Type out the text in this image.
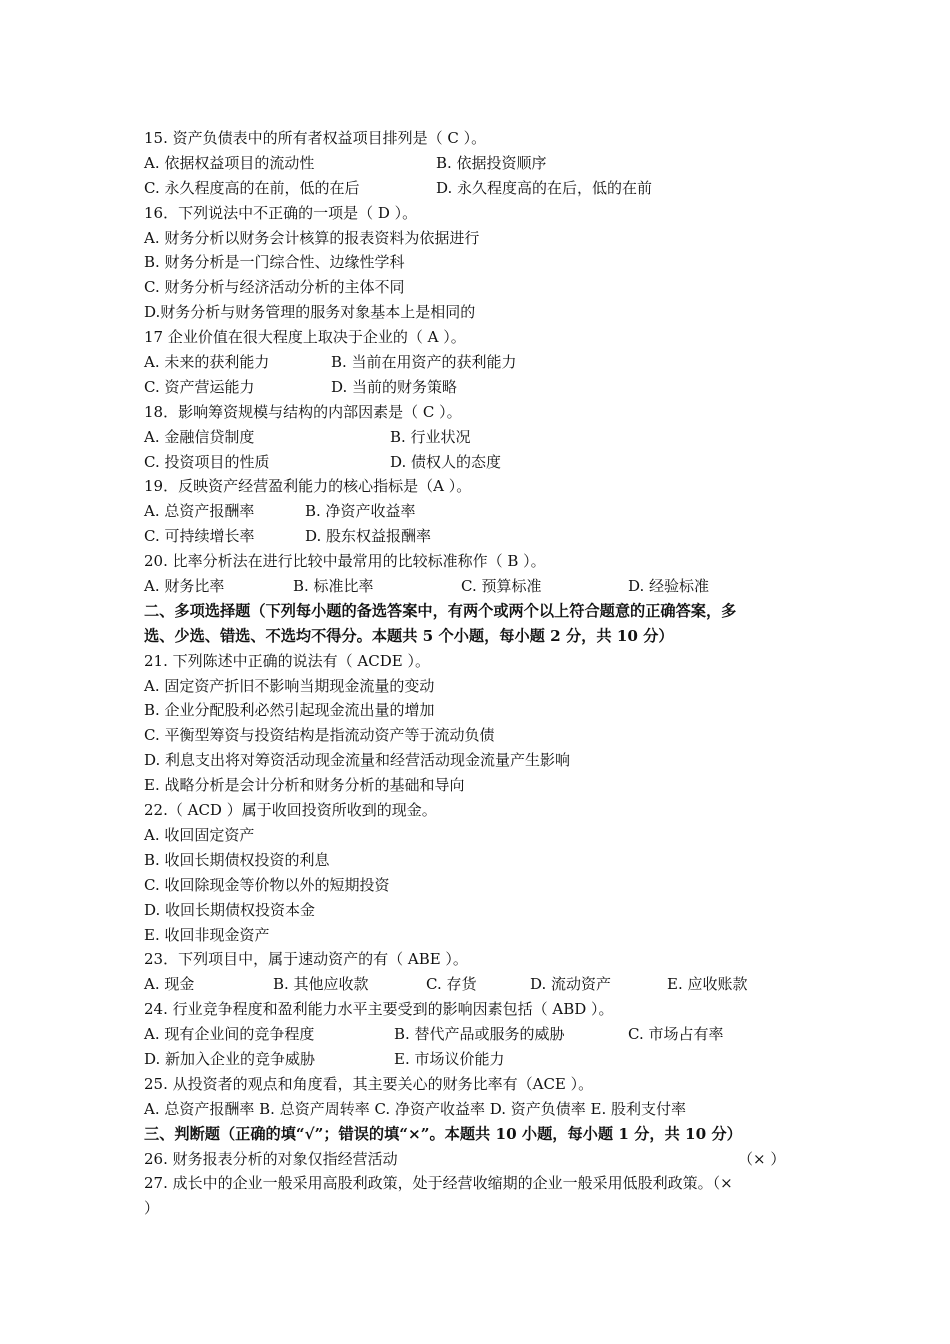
15. 资产负债表中的所有者权益项目排列是（ C ）。
A. 依据权益项目的流动性	B. 依据投资顺序
C. 永久程度高的在前，低的在后	D. 永久程度高的在后，低的在前
16．下列说法中不正确的一项是（ D ）。
A. 财务分析以财务会计核算的报表资料为依据进行
B. 财务分析是一门综合性、边缘性学科
C. 财务分析与经济活动分析的主体不同
D.财务分析与财务管理的服务对象基本上是相同的
17 企业价值在很大程度上取决于企业的（ A ）。
A. 未来的获利能力	B. 当前在用资产的获利能力
C. 资产营运能力	D. 当前的财务策略
18．影响筹资规模与结构的内部因素是（ C ）。
A. 金融信贷制度	B. 行业状况
C. 投资项目的性质	D. 债权人的态度
19．反映资产经营盈利能力的核心指标是（A ）。
A. 总资产报酬率	B. 净资产收益率
C. 可持续增长率	D. 股东权益报酬率
20. 比率分析法在进行比较中最常用的比较标准称作（ B ）。
A. 财务比率	B. 标准比率	C. 预算标准	D. 经验标准
二、多项选择题（下列每小题的备选答案中，有两个或两个以上符合题意的正确答案，多
选、少选、错选、不选均不得分。本题共 5 个小题，每小题 2 分，共 10 分）
21. 下列陈述中正确的说法有（ ACDE ）。
A. 固定资产折旧不影响当期现金流量的变动
B. 企业分配股利必然引起现金流出量的增加
C. 平衡型筹资与投资结构是指流动资产等于流动负债
D. 利息支出将对筹资活动现金流量和经营活动现金流量产生影响
E. 战略分析是会计分析和财务分析的基础和导向
22.（ ACD ）属于收回投资所收到的现金。
A. 收回固定资产
B. 收回长期债权投资的利息
C. 收回除现金等价物以外的短期投资
D. 收回长期债权投资本金
E. 收回非现金资产
23．下列项目中，属于速动资产的有（ ABE ）。
A. 现金	B. 其他应收款	C. 存货	D. 流动资产	E. 应收账款
24. 行业竞争程度和盈利能力水平主要受到的影响因素包括（ ABD ）。
A. 现有企业间的竞争程度	B. 替代产品或服务的威胁	C. 市场占有率
D. 新加入企业的竞争威胁	E. 市场议价能力
25. 从投资者的观点和角度看，其主要关心的财务比率有（ACE ）。
A. 总资产报酬率 B. 总资产周转率 C. 净资产收益率 D. 资产负债率 E. 股利支付率
三、判断题（正确的填“√”；错误的填“×”。本题共 10 小题，每小题 1 分，共 10 分）
26. 财务报表分析的对象仅指经营活动	（× ）
27. 成长中的企业一般采用高股利政策，处于经营收缩期的企业一般采用低股利政策。（×
）
